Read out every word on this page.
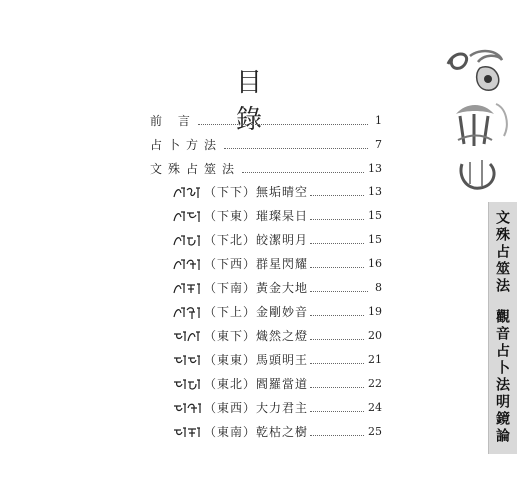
目　錄
前 言	1
占卜方法	7
文殊占筮法	13
（下下） 無垢晴空	13
（下東） 璀璨杲日	15
（下北） 皎潔明月	15
（下西） 群星閃耀	16
（下南） 黃金大地	8
（下上） 金剛妙音	19
（東下） 熾然之燈	20
（東東） 馬頭明王	21
（東北） 閻羅當道	22
（東西） 大力君主	24
（東南） 乾枯之樹	25
文殊占筮法觀音占卜法明鏡論
